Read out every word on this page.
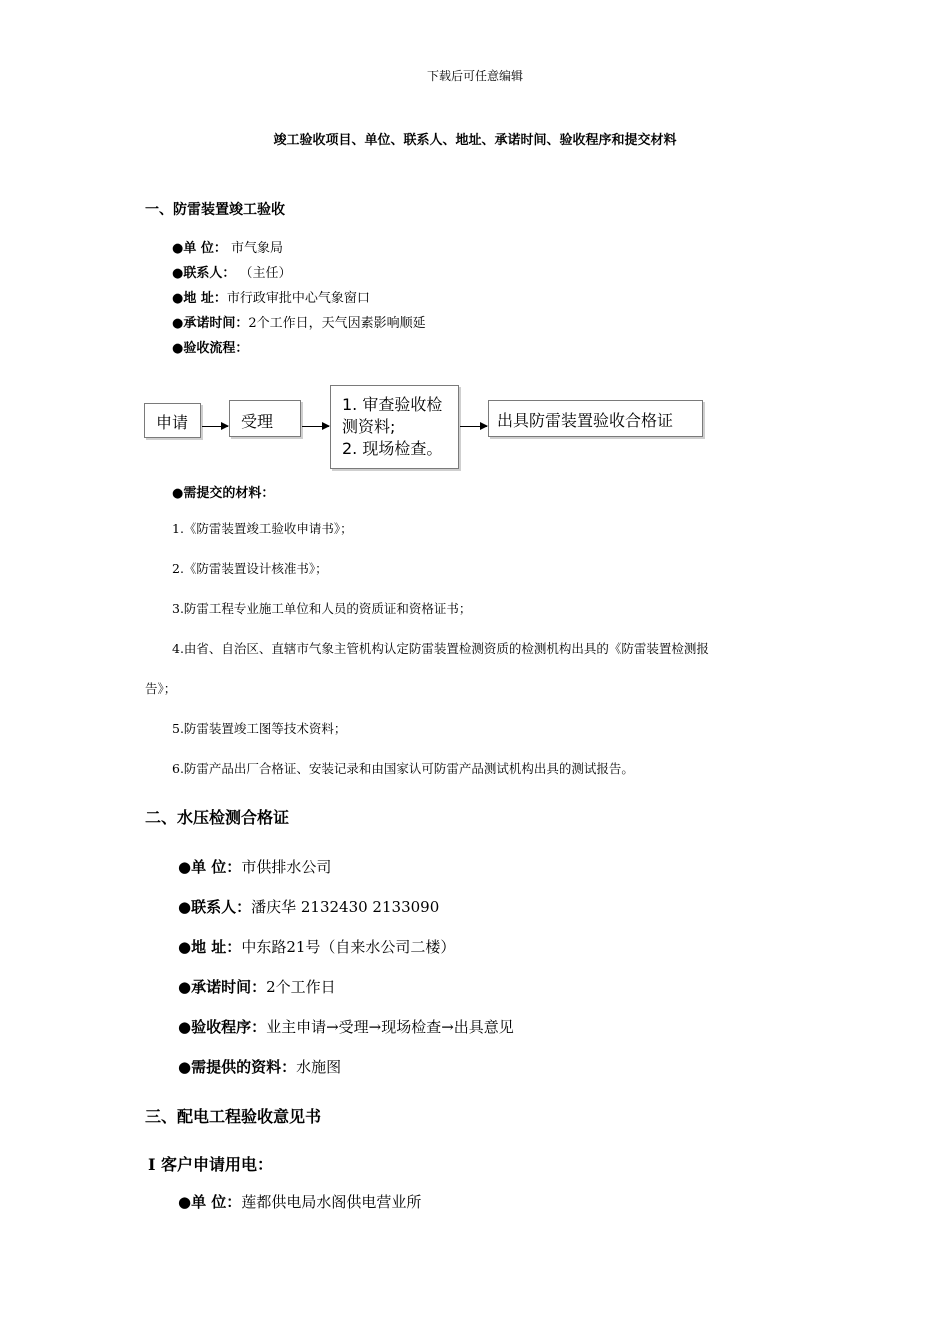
下载后可任意编辑
竣工验收项目、单位、联系人、地址、承诺时间、验收程序和提交材料
一、防雷装置竣工验收
●单 位： 市气象局
●联系人： （主任）
●地 址：市行政审批中心气象窗口
●承诺时间：2个工作日，天气因素影响顺延
●验收流程：
申请	受理
1. 审查验收检
测资料;
2. 现场检查。
出具防雷装置验收合格证
●需提交的材料：
1.《防雷装置竣工验收申请书》；
2.《防雷装置设计核准书》；
3.防雷工程专业施工单位和人员的资质证和资格证书；
4.由省、自治区、直辖市气象主管机构认定防雷装置检测资质的检测机构出具的《防雷装置检测报
告》；
5.防雷装置竣工图等技术资料；
6.防雷产品出厂合格证、安装记录和由国家认可防雷产品测试机构出具的测试报告。
二、水压检测合格证
●单 位：市供排水公司
●联系人：潘庆华 2132430 2133090
●地 址：中东路21号（自来水公司二楼）
●承诺时间：2个工作日
●验收程序：业主申请→受理→现场检查→出具意见
●需提供的资料：水施图
三、配电工程验收意见书
Ⅰ 客户申请用电：
●单 位：莲都供电局水阁供电营业所
